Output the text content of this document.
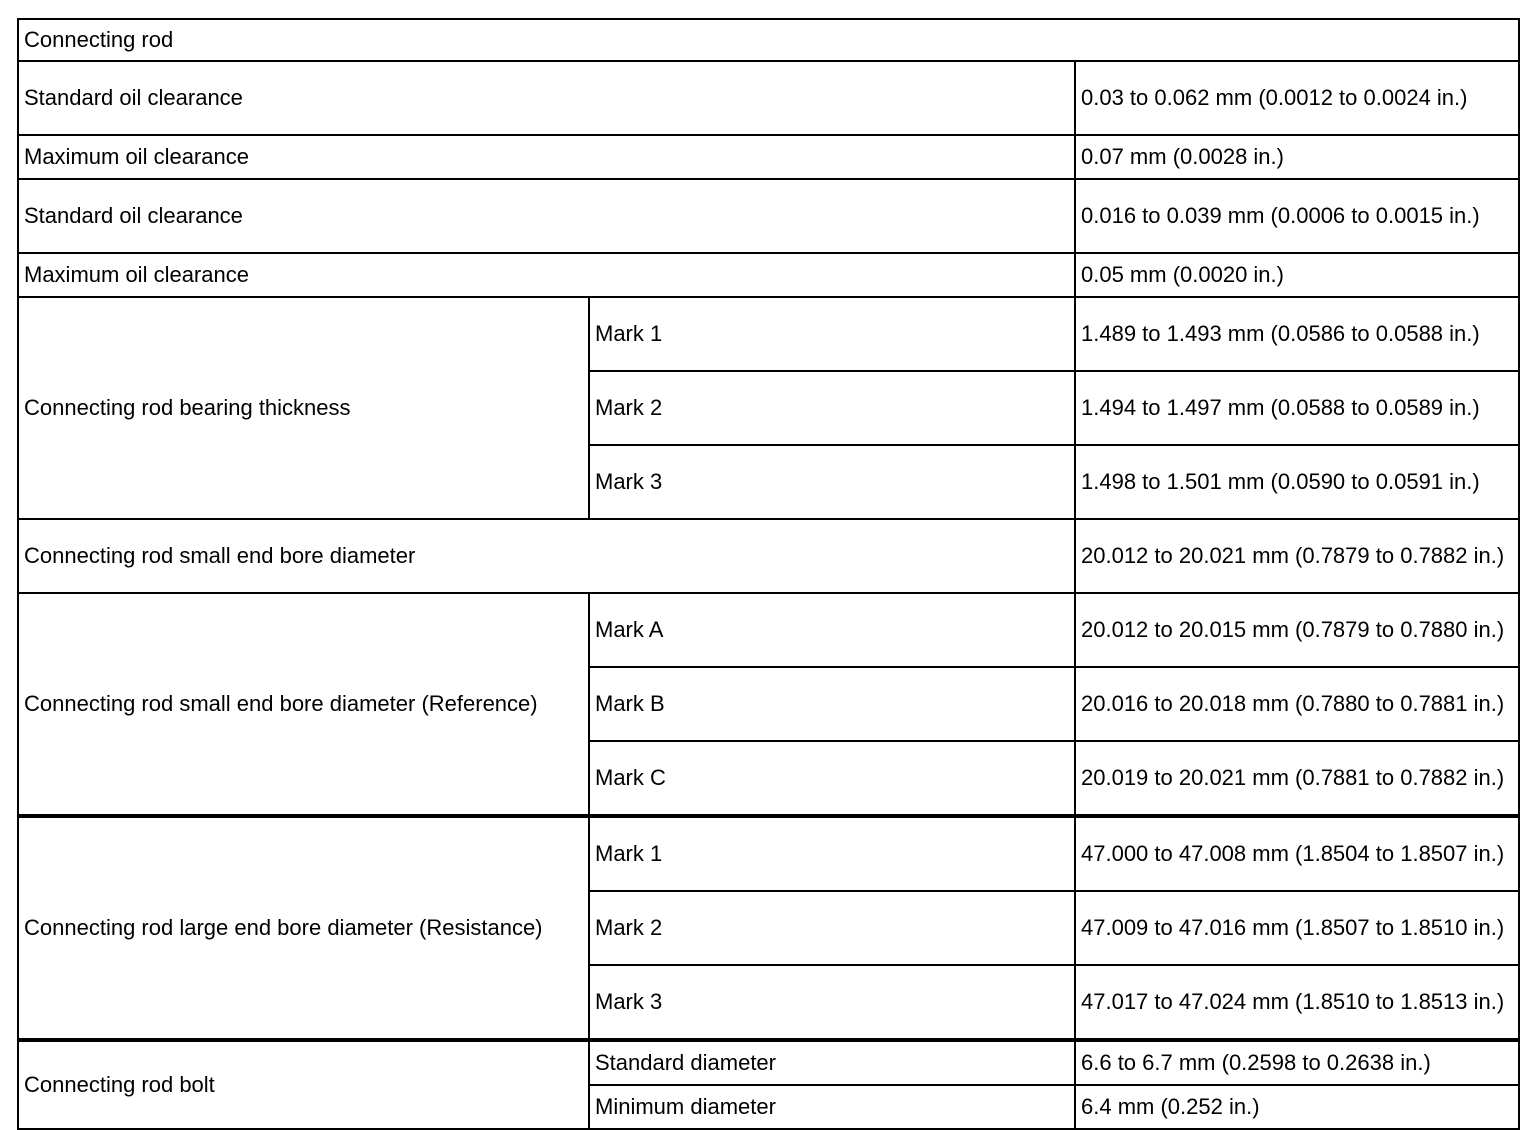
Connecting rod		
Standard oil clearance		0.03 to 0.062 mm (0.0012 to 0.0024 in.)
Maximum oil clearance		0.07 mm (0.0028 in.)
Standard oil clearance		0.016 to 0.039 mm (0.0006 to 0.0015 in.)
Maximum oil clearance		0.05 mm (0.0020 in.)
Connecting rod bearing thickness	Mark 1	1.489 to 1.493 mm (0.0586 to 0.0588 in.)
	Mark 2	1.494 to 1.497 mm (0.0588 to 0.0589 in.)
	Mark 3	1.498 to 1.501 mm (0.0590 to 0.0591 in.)
Connecting rod small end bore diameter		20.012 to 20.021 mm (0.7879 to 0.7882 in.)
Connecting rod small end bore diameter (Reference)	Mark A	20.012 to 20.015 mm (0.7879 to 0.7880 in.)
	Mark B	20.016 to 20.018 mm (0.7880 to 0.7881 in.)
	Mark C	20.019 to 20.021 mm (0.7881 to 0.7882 in.)
Connecting rod large end bore diameter (Resistance)	Mark 1	47.000 to 47.008 mm (1.8504 to 1.8507 in.)
	Mark 2	47.009 to 47.016 mm (1.8507 to 1.8510 in.)
	Mark 3	47.017 to 47.024 mm (1.8510 to 1.8513 in.)
Connecting rod bolt	Standard diameter	6.6 to 6.7 mm (0.2598 to 0.2638 in.)
	Minimum diameter	6.4 mm (0.252 in.)
